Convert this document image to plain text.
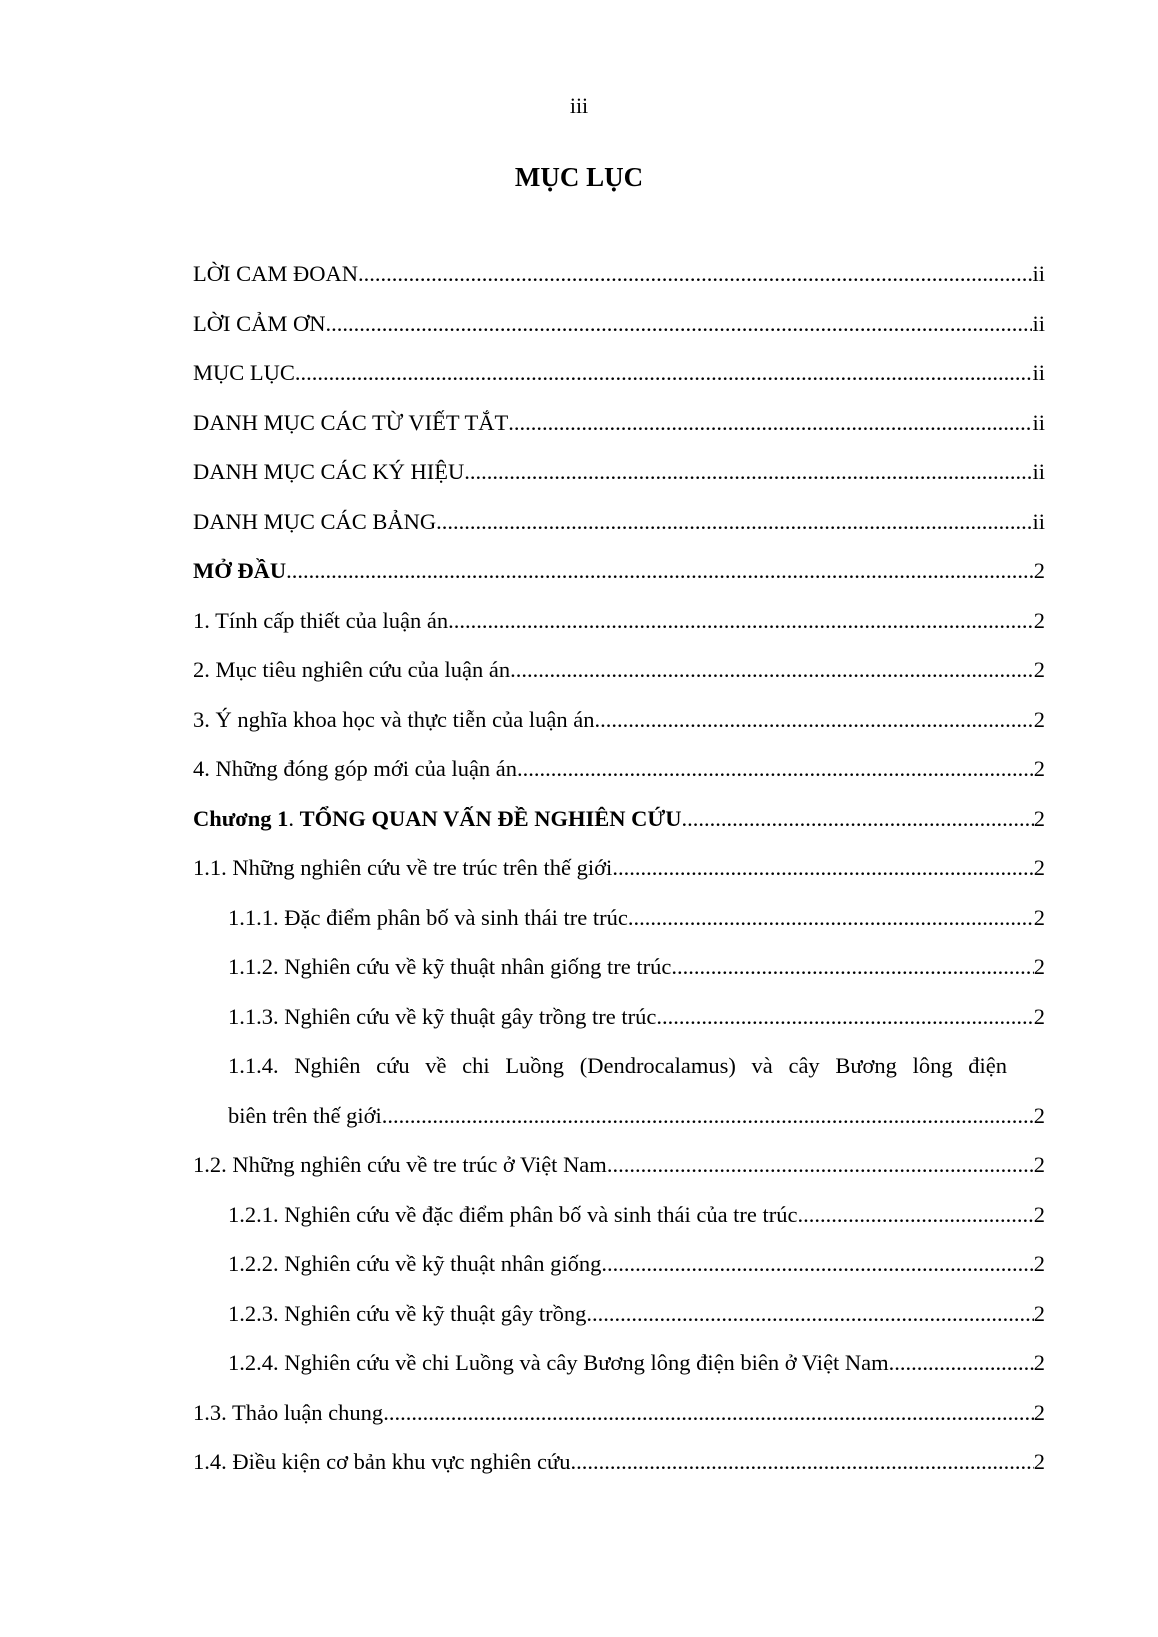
iii
MỤC LỤC
LỜI CAM ĐOAN .....	ii
LỜI CẢM ƠN .....	ii
MỤC LỤC .....	ii
DANH MỤC CÁC TỪ VIẾT TẮT .....	ii
DANH MỤC CÁC KÝ HIỆU .....	ii
DANH MỤC CÁC BẢNG .....	ii
MỞ ĐẦU .....	2
1. Tính cấp thiết của luận án .....	2
2. Mục tiêu nghiên cứu của luận án .....	2
3. Ý nghĩa khoa học và thực tiễn của luận án .....	2
4. Những đóng góp mới của luận án .....	2
Chương 1. TỔNG QUAN VẤN ĐỀ NGHIÊN CỨU .....	2
1.1. Những nghiên cứu về tre trúc trên thế giới .....	2
1.1.1. Đặc điểm phân bố và sinh thái tre trúc .....	2
1.1.2. Nghiên cứu về kỹ thuật nhân giống tre trúc .....	2
1.1.3. Nghiên cứu về kỹ thuật gây trồng tre trúc .....	2
1.1.4. Nghiên cứu về chi Luồng (Dendrocalamus) và cây Bương lông điện
biên trên thế giới .....	2
1.2. Những nghiên cứu về tre trúc ở Việt Nam .....	2
1.2.1. Nghiên cứu về đặc điểm phân bố và sinh thái của tre trúc .....	2
1.2.2. Nghiên cứu về kỹ thuật nhân giống .....	2
1.2.3. Nghiên cứu về kỹ thuật gây trồng .....	2
1.2.4. Nghiên cứu về chi Luồng và cây Bương lông điện biên ở Việt Nam .....	2
1.3. Thảo luận chung .....	2
1.4. Điều kiện cơ bản khu vực nghiên cứu .....	2
